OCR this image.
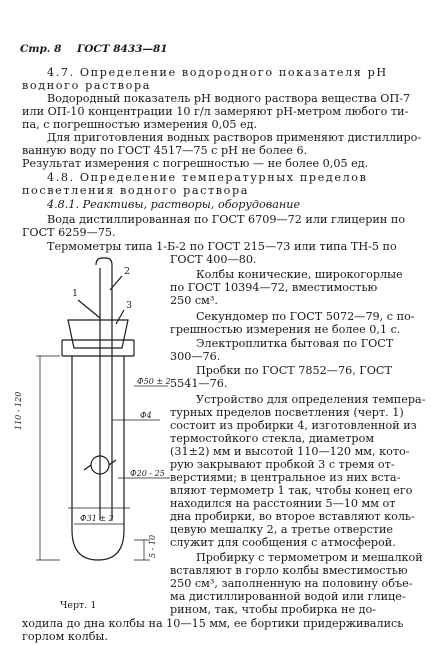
Стр. 8 ГОСТ 8433—81
4.7. Определение водородного показателя рН
водного раствора
Водородный показатель рН водного раствора вещества ОП-7
или ОП-10 концентрации 10 г/л замеряют рН-метром любого ти-
па, с погрешностью измерения 0,05 ед.
Для приготовления водных растворов применяют дистиллиро-
ванную воду по ГОСТ 4517—75 с рН не более 6.
Результат измерения с погрешностью — не более 0,05 ед.
4.8. Определение температурных пределов
посветления водного раствора
4.8.1. Реактивы, растворы, оборудование
Вода дистиллированная по ГОСТ 6709—72 или глицерин по
ГОСТ 6259—75.
Термометры типа 1-Б-2 по ГОСТ 215—73 или типа ТН-5 по
ГОСТ 400—80.
Колбы конические, широкогорлые
по ГОСТ 10394—72, вместимостью
250 см³.
Секундомер по ГОСТ 5072—79, с по-
грешностью измерения не более 0,1 с.
Электроплитка бытовая по ГОСТ
300—76.
Пробки по ГОСТ 7852—76, ГОСТ
5541—76.
Устройство для определения темпера-
турных пределов посветления (черт. 1)
состоит из пробирки 4, изготовленной из
термостойкого стекла, диаметром
(31±2) мм и высотой 110—120 мм, кото-
рую закрывают пробкой 3 с тремя от-
верстиями; в центральное из них вста-
вляют термометр 1 так, чтобы конец его
находился на расстоянии 5—10 мм от
дна пробирки, во второе вставляют коль-
цевую мешалку 2, а третье отверстие
служит для сообщения с атмосферой.
Пробирку с термометром и мешалкой
вставляют в горло колбы вместимостью
250 см³, заполненную на половину объе-
ма дистиллированной водой или глице-
рином, так, чтобы пробирка не до-
ходила до дна колбы на 10—15 мм, ее бортики придерживались
горлом колбы.
1
2
3
Ф50 ± 2
Ф4
Ф20 - 25
Ф31 ± 2
110 - 120
5 - 10
Черт. 1
